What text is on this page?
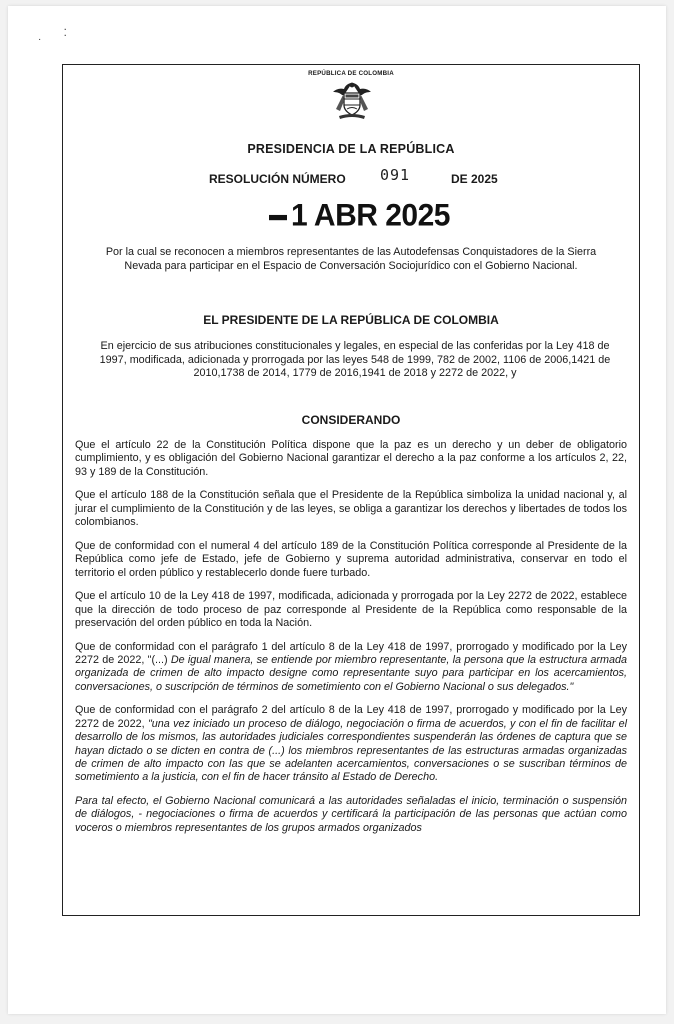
·        ⁚
REPÚBLICA DE COLOMBIA
PRESIDENCIA DE LA REPÚBLICA
RESOLUCIÓN NÚMERO 091	DE 2025
1 ABR 2025
Por la cual se reconocen a miembros representantes de las Autodefensas Conquistadores de la Sierra Nevada para participar en el Espacio de Conversación Sociojurídico con el Gobierno Nacional.
EL PRESIDENTE DE LA REPÚBLICA DE COLOMBIA
En ejercicio de sus atribuciones constitucionales y legales, en especial de las conferidas por la Ley 418 de 1997, modificada, adicionada y prorrogada por las leyes 548 de 1999, 782 de 2002, 1106 de 2006,1421 de 2010,1738 de 2014, 1779 de 2016,1941 de 2018 y 2272 de 2022, y
CONSIDERANDO

Que el artículo 22 de la Constitución Política dispone que la paz es un derecho y un deber de obligatorio cumplimiento, y es obligación del Gobierno Nacional garantizar el derecho a la paz conforme a los artículos 2, 22, 93 y 189 de la Constitución.

Que el artículo 188 de la Constitución señala que el Presidente de la República simboliza la unidad nacional y, al jurar el cumplimiento de la Constitución y de las leyes, se obliga a garantizar los derechos y libertades de todos los colombianos.

Que de conformidad con el numeral 4 del artículo 189 de la Constitución Política corresponde al Presidente de la República como jefe de Estado, jefe de Gobierno y suprema autoridad administrativa, conservar en todo el territorio el orden público y restablecerlo donde fuere turbado.

Que el artículo 10 de la Ley 418 de 1997, modificada, adicionada y prorrogada por la Ley 2272 de 2022, establece que la dirección de todo proceso de paz corresponde al Presidente de la República como responsable de la preservación del orden público en toda la Nación.

Que de conformidad con el parágrafo 1 del artículo 8 de la Ley 418 de 1997, prorrogado y modificado por la Ley 2272 de 2022, "(...) De igual manera, se entiende por miembro representante, la persona que la estructura armada organizada de crimen de alto impacto designe como representante suyo para participar en los acercamientos, conversaciones, o suscripción de términos de sometimiento con el Gobierno Nacional o sus delegados."

Que de conformidad con el parágrafo 2 del artículo 8 de la Ley 418 de 1997, prorrogado y modificado por la Ley 2272 de 2022, "una vez iniciado un proceso de diálogo, negociación o firma de acuerdos, y con el fin de facilitar el desarrollo de los mismos, las autoridades judiciales correspondientes suspenderán las órdenes de captura que se hayan dictado o se dicten en contra de (...) los miembros representantes de las estructuras armadas organizadas de crimen de alto impacto con las que se adelanten acercamientos, conversaciones o se suscriban términos de sometimiento a la justicia, con el fin de hacer tránsito al Estado de Derecho.

Para tal efecto, el Gobierno Nacional comunicará a las autoridades señaladas el inicio, terminación o suspensión de diálogos, - negociaciones o firma de acuerdos y certificará la participación de las personas que actúan como voceros o miembros representantes de los grupos armados organizados
